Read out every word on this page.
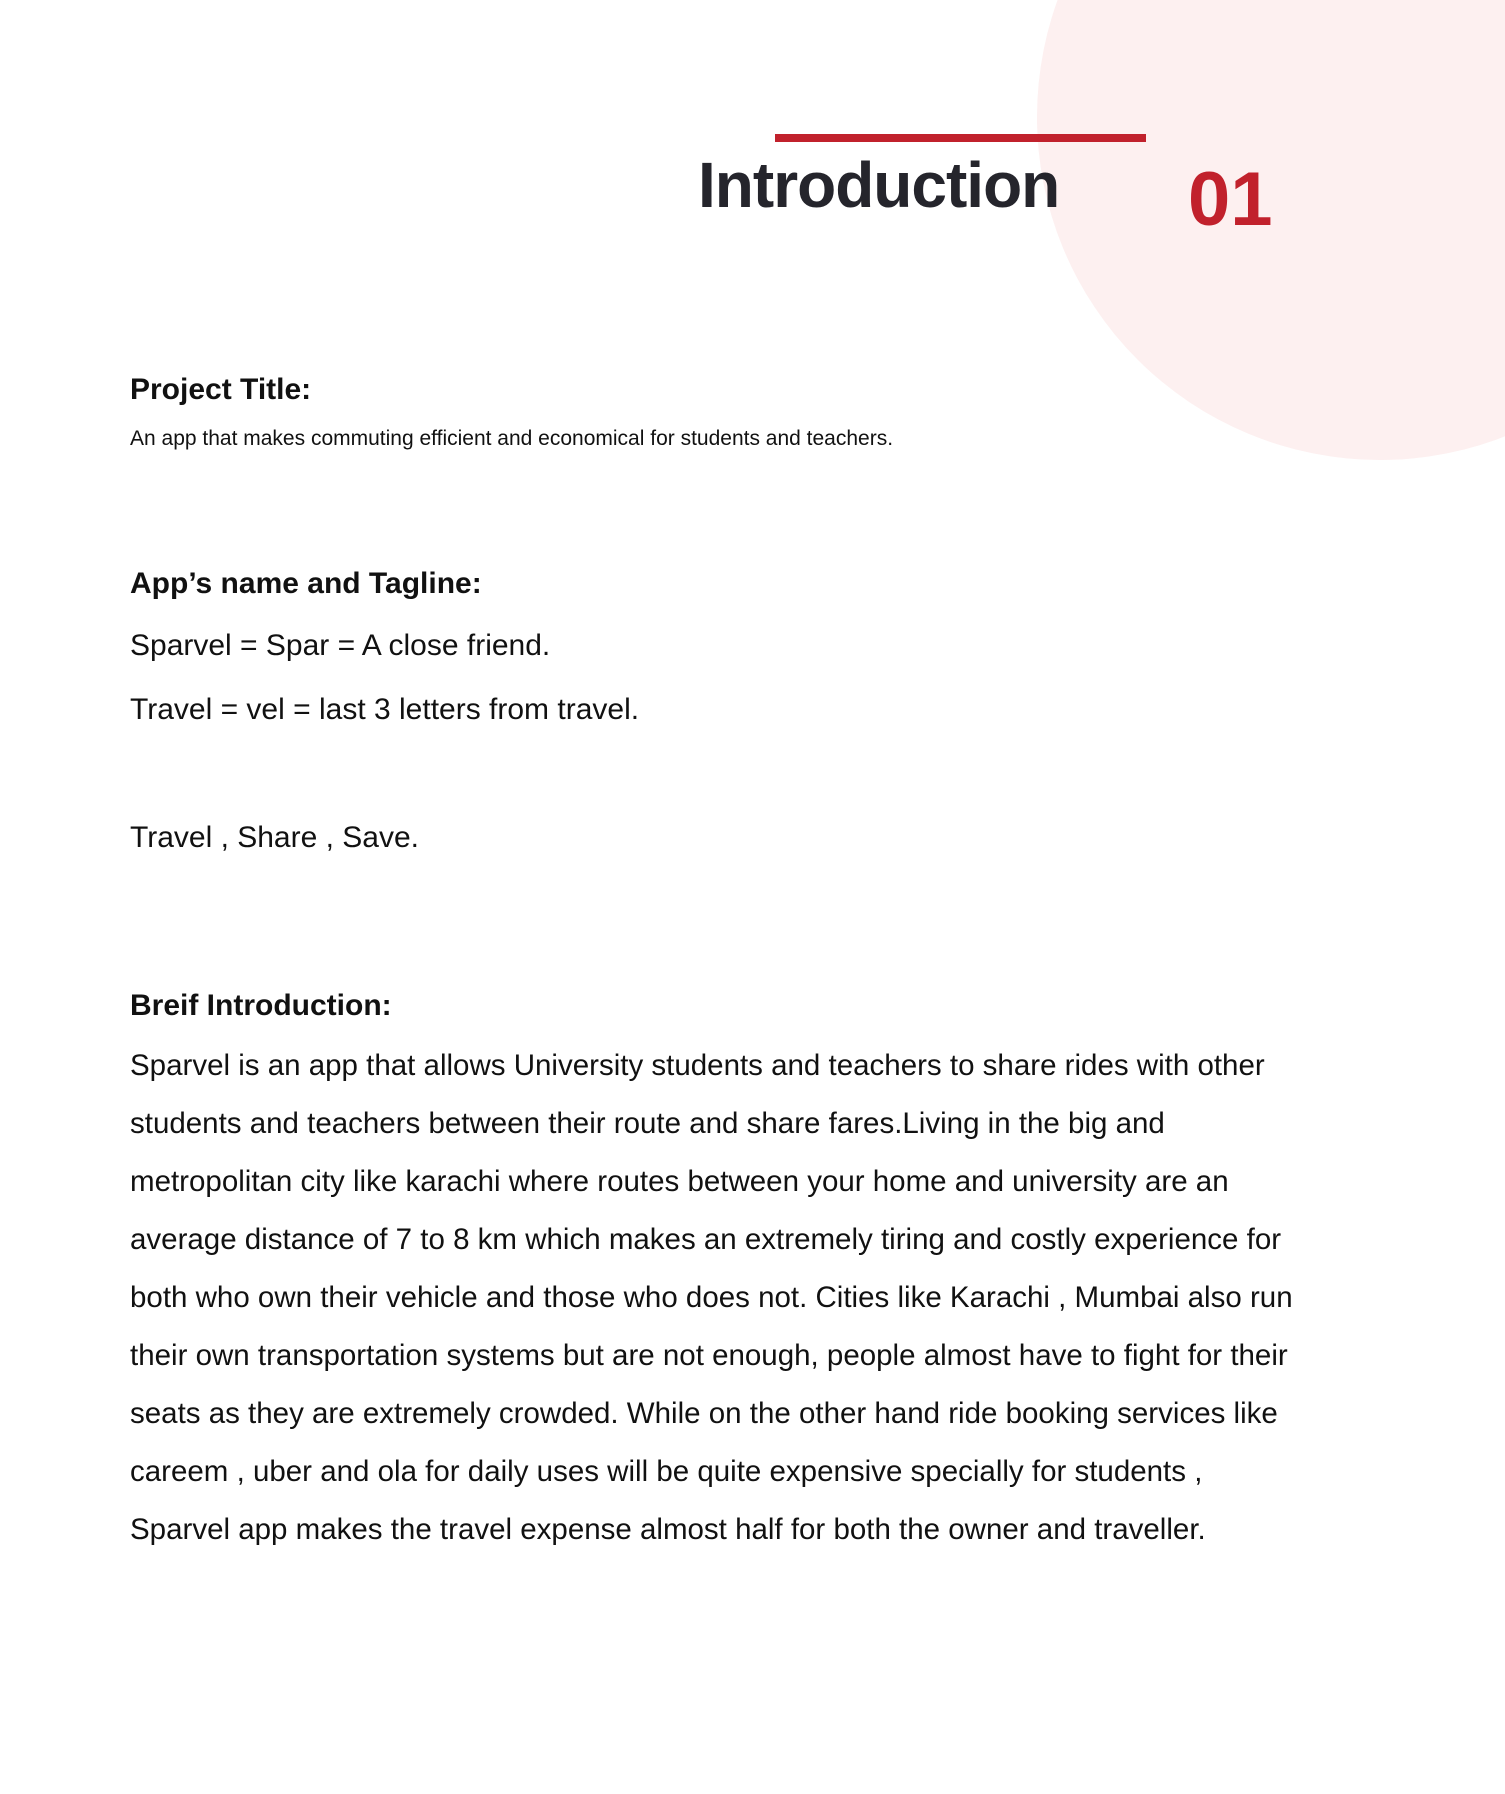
Introduction 01
Project Title:
An app that makes commuting efficient and economical for students and teachers.
App’s name and Tagline:
Sparvel = Spar = A close friend.
Travel = vel = last 3 letters from travel.
Travel , Share , Save.
Breif Introduction:

Sparvel is an app that allows University students and teachers to share rides with other students and teachers between their route and share fares.Living in the big and metropolitan city like karachi where routes between your home and university are an average distance of 7 to 8 km which makes an extremely tiring and costly experience for both who own their vehicle and those who does not. Cities like Karachi , Mumbai also run their own transportation systems but are not enough, people almost have to fight for their seats as they are extremely crowded. While on the other hand ride booking services like careem , uber and ola for daily uses will be quite expensive specially for students , Sparvel app makes the travel expense almost half for both the owner and traveller.
